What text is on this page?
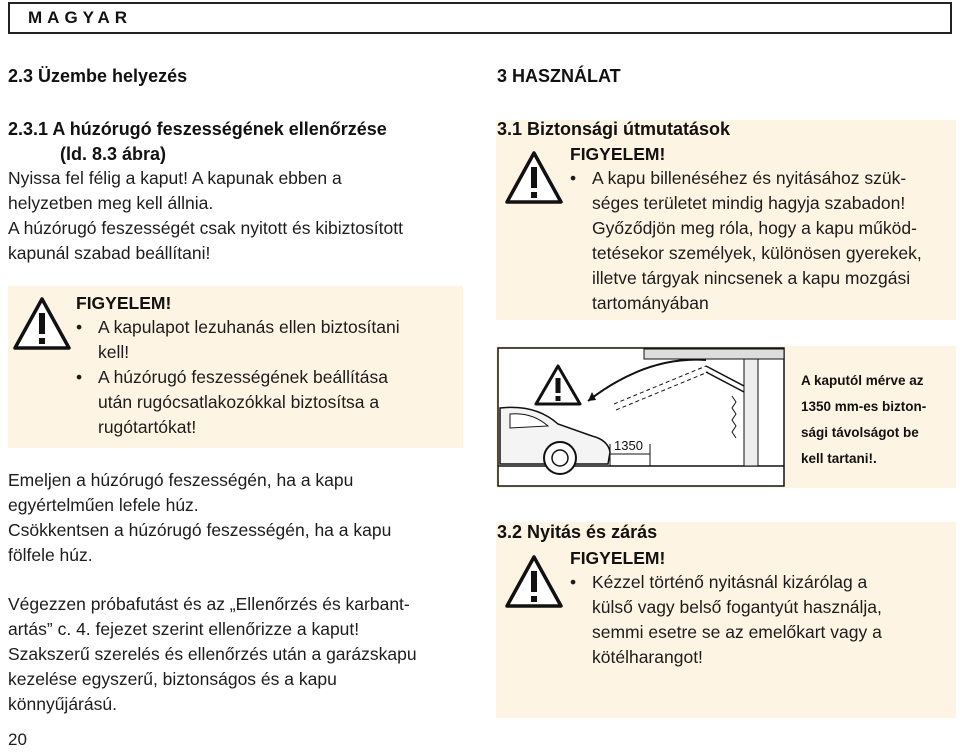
MAGYAR
2.3 Üzembe helyezés
2.3.1 A húzórugó feszességének ellenőrzése
(ld. 8.3 ábra)
Nyissa fel félig a kaput! A kapunak ebben a
helyzetben meg kell állnia.
A húzórugó feszességét csak nyitott és kibiztosított
kapunál szabad beállítani!
FIGYELEM!
• A kapulapot lezuhanás ellen biztosítani
kell!
• A húzórugó feszességének beállítása
után rugócsatlakozókkal biztosítsa a
rugótartókat!
Emeljen a húzórugó feszességén, ha a kapu
egyértelműen lefele húz.
Csökkentsen a húzórugó feszességén, ha a kapu
fölfele húz.
Végezzen próbafutást és az „Ellenőrzés és karbant-
artás” c. 4. fejezet szerint ellenőrizze a kaput!
Szakszerű szerelés és ellenőrzés után a garázskapu
kezelése egyszerű, biztonságos és a kapu
könnyűjárású.
20
3 HASZNÁLAT
3.1 Biztonsági útmutatások
FIGYELEM!
• A kapu billenéséhez és nyitásához szük-
séges területet mindig hagyja szabadon!
Győződjön meg róla, hogy a kapu működ-
tetésekor személyek, különösen gyerekek,
illetve tárgyak nincsenek a kapu mozgási
tartományában
1350
A kaputól mérve az
1350 mm-es bizton-
sági távolságot be
kell tartani!.
3.2 Nyitás és zárás
FIGYELEM!
• Kézzel történő nyitásnál kizárólag a
külső vagy belső fogantyút használja,
semmi esetre se az emelőkart vagy a
kötélharangot!
